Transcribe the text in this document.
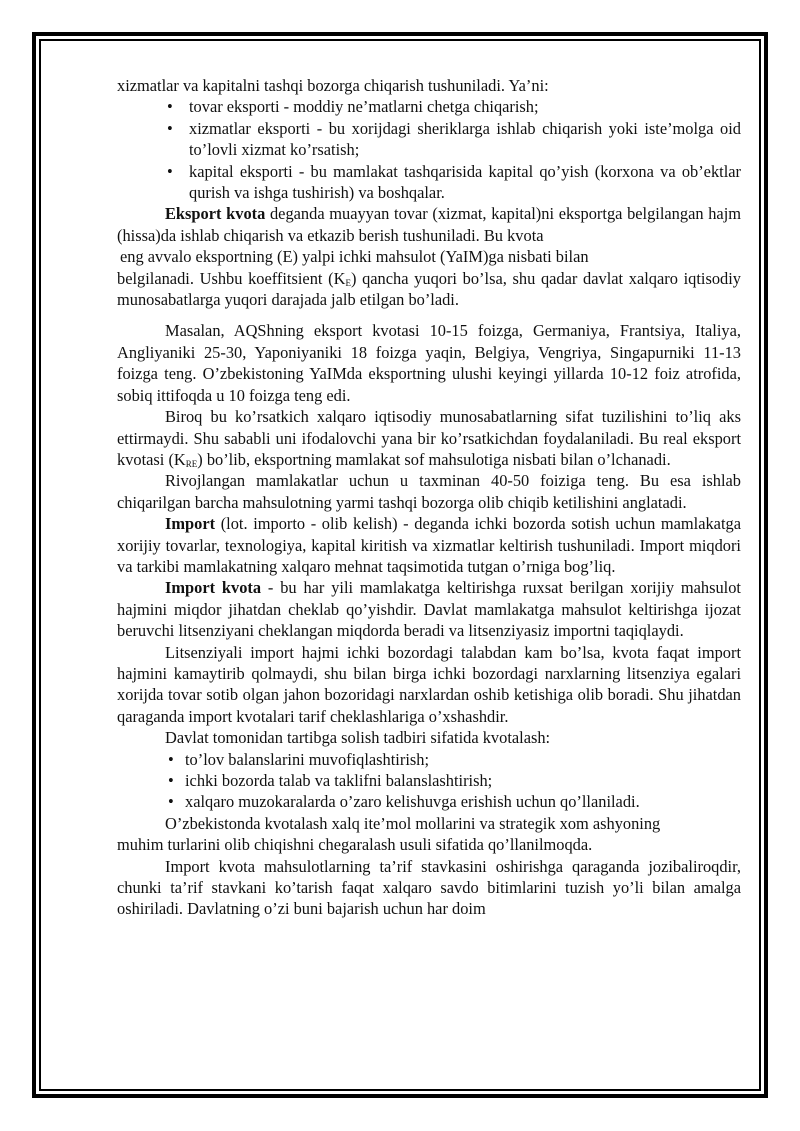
xizmatlar va kapitalni tashqi bozorga chiqarish tushuniladi. Ya’ni:

• tovar eksporti - moddiy ne’matlarni chetga chiqarish;
• xizmatlar eksporti - bu xorijdagi sheriklarga ishlab chiqarish yoki iste’molga oid to’lovli xizmat ko’rsatish;
• kapital eksporti - bu mamlakat tashqarisida kapital qo’yish (korxona va ob’ektlar qurish va ishga tushirish) va boshqalar.

Eksport kvota deganda muayyan tovar (xizmat, kapital)ni eksportga belgilangan hajm (hissa)da ishlab chiqarish va etkazib berish tushuniladi. Bu kvota

eng avvalo eksportning (E) yalpi ichki mahsulot (YaIM)ga nisbati bilan

belgilanadi. Ushbu koeffitsient $(K_E)$ qancha yuqori bo’lsa, shu qadar davlat xalqaro iqtisodiy munosabatlarga yuqori darajada jalb etilgan bo’ladi.

Masalan, AQShning eksport kvotasi 10-15 foizga, Germaniya, Frantsiya, Italiya, Angliyaniki 25-30, Yaponiyaniki 18 foizga yaqin, Belgiya, Vengriya, Singapurniki 11-13 foizga teng. O’zbekistoning YaIMda eksportning ulushi keyingi yillarda 10-12 foiz atrofida, sobiq ittifoqda u 10 foizga teng edi.

Biroq bu ko’rsatkich xalqaro iqtisodiy munosabatlarning sifat tuzilishini to’liq aks ettirmaydi. Shu sababli uni ifodalovchi yana bir ko’rsatkichdan foydalaniladi. Bu real eksport kvotasi $(K_{RE})$ bo’lib, eksportning mamlakat sof mahsulotiga nisbati bilan o’lchanadi.

Rivojlangan mamlakatlar uchun u taxminan 40-50 foiziga teng. Bu esa ishlab chiqarilgan barcha mahsulotning yarmi tashqi bozorga olib chiqib ketilishini anglatadi.

Import (lot. importo - olib kelish) - deganda ichki bozorda sotish uchun mamlakatga xorijiy tovarlar, texnologiya, kapital kiritish va xizmatlar keltirish tushuniladi. Import miqdori va tarkibi mamlakatning xalqaro mehnat taqsimotida tutgan o’rniga bog’liq.

Import kvota - bu har yili mamlakatga keltirishga ruxsat berilgan xorijiy mahsulot hajmini miqdor jihatdan cheklab qo’yishdir. Davlat mamlakatga mahsulot keltirishga ijozat beruvchi litsenziyani cheklangan miqdorda beradi va litsenziyasiz importni taqiqlaydi.

Litsenziyali import hajmi ichki bozordagi talabdan kam bo’lsa, kvota faqat import hajmini kamaytirib qolmaydi, shu bilan birga ichki bozordagi narxlarning litsenziya egalari xorijda tovar sotib olgan jahon bozoridagi narxlardan oshib ketishiga olib boradi. Shu jihatdan qaraganda import kvotalari tarif cheklashlariga o’xshashdir.

Davlat tomonidan tartibga solish tadbiri sifatida kvotalash:

• to’lov balanslarini muvofiqlashtirish;
• ichki bozorda talab va taklifni balanslashtirish;
• xalqaro muzokaralarda o’zaro kelishuvga erishish uchun qo’llaniladi.

O’zbekistonda kvotalash xalq ite’mol mollarini va strategik xom ashyoning

muhim turlarini olib chiqishni chegaralash usuli sifatida qo’llanilmoqda.

Import kvota mahsulotlarning ta’rif stavkasini oshirishga qaraganda jozibaliroqdir, chunki ta’rif stavkani ko’tarish faqat xalqaro savdo bitimlarini tuzish yo’li bilan amalga oshiriladi. Davlatning o’zi buni bajarish uchun har doim
